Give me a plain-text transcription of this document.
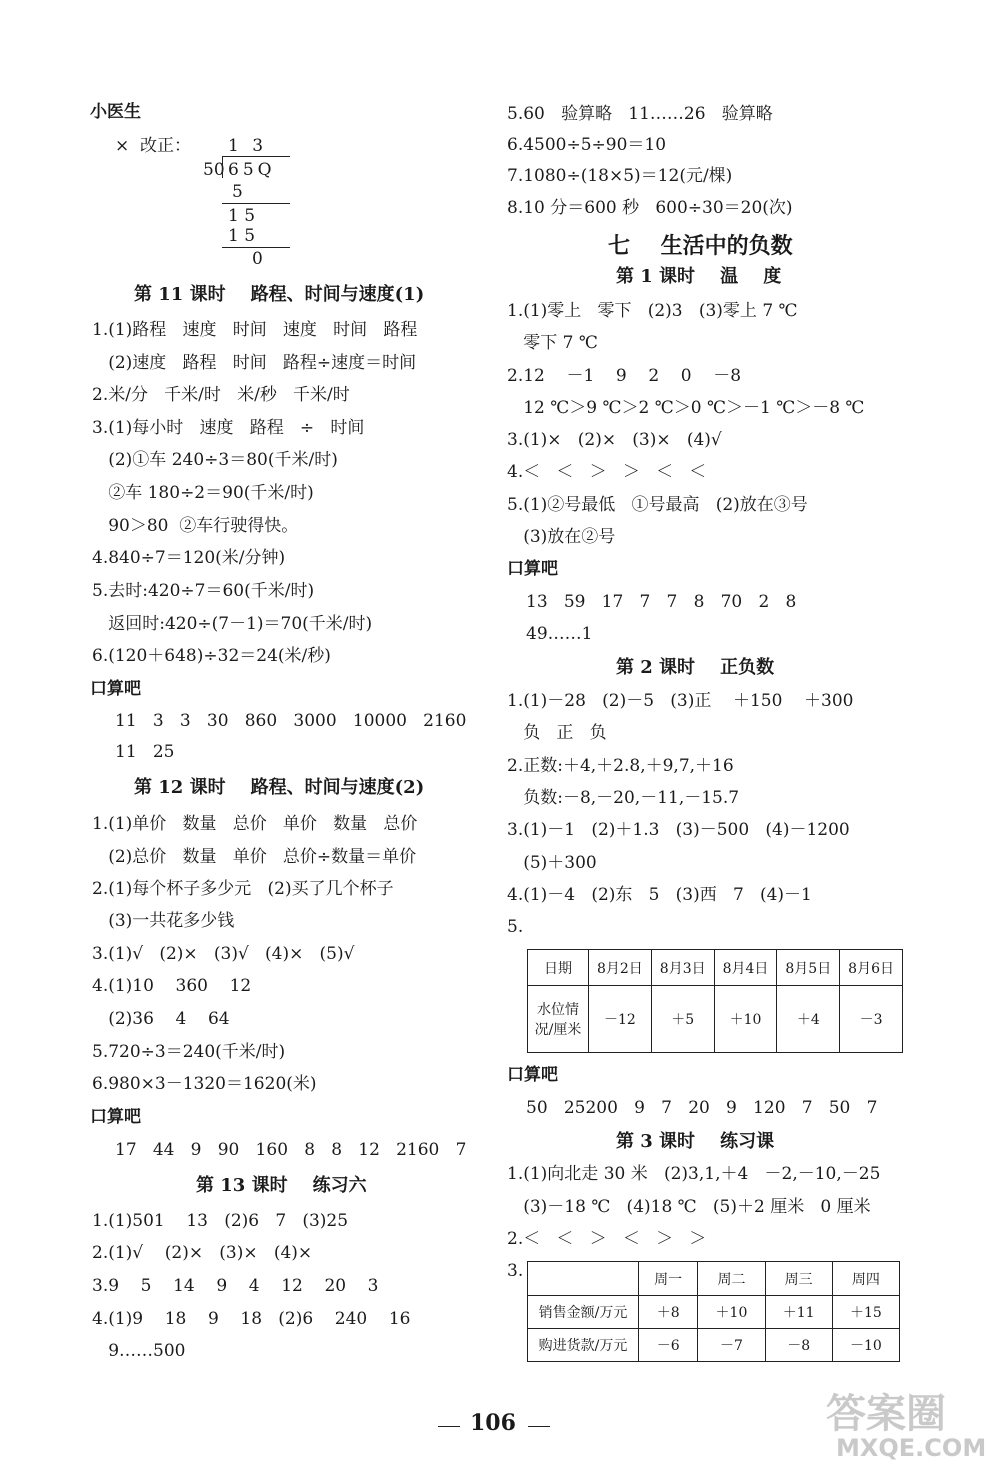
小医生
×  改正： 1 3
50 65Q
5
1 5
1 5
0
第 11 课时    路程、时间与速度(1)
1.(1)路程   速度   时间   速度   时间   路程
(2)速度   路程   时间   路程÷速度＝时间
2.米/分   千米/时   米/秒   千米/时
3.(1)每小时   速度   路程   ÷   时间
(2)①车 240÷3＝80(千米/时)
②车 180÷2＝90(千米/时)
90＞80  ②车行驶得快。
4.840÷7＝120(米/分钟)
5.去时:420÷7＝60(千米/时)
返回时:420÷(7－1)＝70(千米/时)
6.(120＋648)÷32＝24(米/秒)
口算吧
11   3   3   30   860   3000   10000   2160
11   25
第 12 课时    路程、时间与速度(2)
1.(1)单价   数量   总价   单价   数量   总价
(2)总价   数量   单价   总价÷数量＝单价
2.(1)每个杯子多少元   (2)买了几个杯子
(3)一共花多少钱
3.(1)√   (2)×   (3)√   (4)×   (5)√
4.(1)10    360    12
(2)36    4    64
5.720÷3＝240(千米/时)
6.980×3－1320＝1620(米)
口算吧
17   44   9   90   160   8   8   12   2160   7
第 13 课时    练习六
1.(1)501    13   (2)6   7   (3)25
2.(1)√    (2)×   (3)×   (4)×
3.9    5    14    9    4    12    20    3
4.(1)9    18    9    18   (2)6    240    16
9……500
5.60   验算略   11……26   验算略
6.4500÷5÷90＝10
7.1080÷(18×5)＝12(元/棵)
8.10 分＝600 秒   600÷30＝20(次)
七    生活中的负数
第 1 课时    温    度
1.(1)零上   零下   (2)3   (3)零上 7 ℃
零下 7 ℃
2.12    －1    9    2    0    －8
12 ℃＞9 ℃＞2 ℃＞0 ℃＞－1 ℃＞－8 ℃
3.(1)×   (2)×   (3)×   (4)√
4.＜   ＜   ＞   ＞   ＜   ＜
5.(1)②号最低   ①号最高   (2)放在③号
(3)放在②号
口算吧
13   59   17   7   7   8   70   2   8
49……1
第 2 课时    正负数
1.(1)－28   (2)－5   (3)正    ＋150    ＋300
负   正   负
2.正数:＋4,＋2.8,＋9,7,＋16
负数:－8,－20,－11,－15.7
3.(1)－1   (2)＋1.3   (3)－500   (4)－1200
(5)＋300
4.(1)－4   (2)东   5   (3)西   7   (4)－1
5.
日期	8月2日	8月3日	8月4日	8月5日	8月6日
水位情
况/厘米	－12	＋5	＋10	＋4	－3
口算吧
50   25200   9   7   20   9   120   7   50   7
第 3 课时    练习课
1.(1)向北走 30 米   (2)3,1,＋4   －2,－10,－25
(3)－18 ℃   (4)18 ℃   (5)＋2 厘米   0 厘米
2.＜   ＜   ＞   ＜   ＞   ＞
3.
		周一	周二	周三	周四
销售金额/万元	＋8	＋10	＋11	＋15
购进货款/万元	－6	－7	－8	－10
106	答案圈
MXQE.COM
